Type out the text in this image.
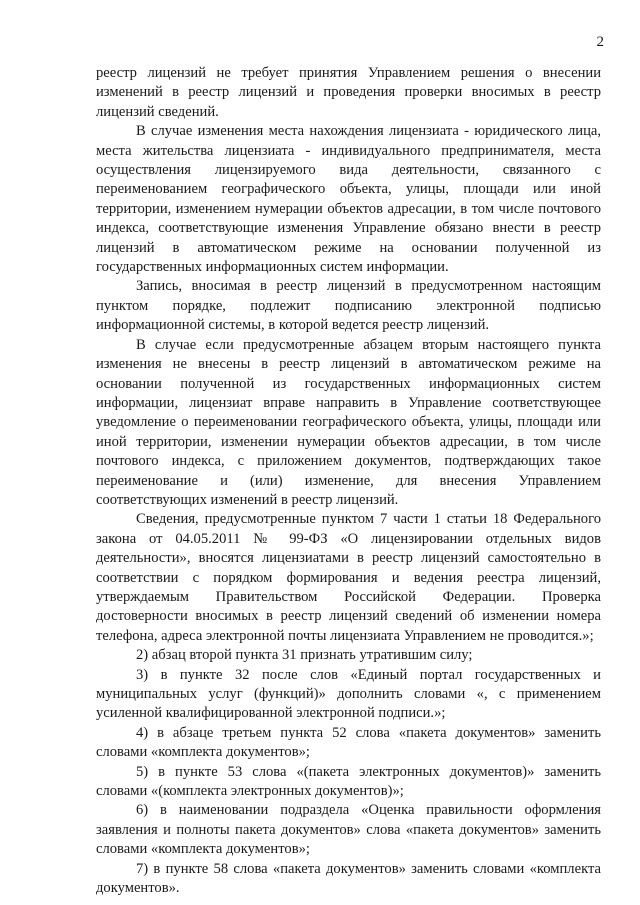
2

реестр лицензий не требует принятия Управлением решения о внесении изменений в реестр лицензий и проведения проверки вносимых в реестр лицензий сведений.

В случае изменения места нахождения лицензиата - юридического лица, места жительства лицензиата - индивидуального предпринимателя, места осуществления лицензируемого вида деятельности, связанного с переименованием географического объекта, улицы, площади или иной территории, изменением нумерации объектов адресации, в том числе почтового индекса, соответствующие изменения Управление обязано внести в реестр лицензий в автоматическом режиме на основании полученной из государственных информационных систем информации.

Запись, вносимая в реестр лицензий в предусмотренном настоящим пунктом порядке, подлежит подписанию электронной подписью информационной системы, в которой ведется реестр лицензий.

В случае если предусмотренные абзацем вторым настоящего пункта изменения не внесены в реестр лицензий в автоматическом режиме на основании полученной из государственных информационных систем информации, лицензиат вправе направить в Управление соответствующее уведомление о переименовании географического объекта, улицы, площади или иной территории, изменении нумерации объектов адресации, в том числе почтового индекса, с приложением документов, подтверждающих такое переименование и (или) изменение, для внесения Управлением соответствующих изменений в реестр лицензий.

Сведения, предусмотренные пунктом 7 части 1 статьи 18 Федерального закона от 04.05.2011 № 99-ФЗ «О лицензировании отдельных видов деятельности», вносятся лицензиатами в реестр лицензий самостоятельно в соответствии с порядком формирования и ведения реестра лицензий, утверждаемым Правительством Российской Федерации. Проверка достоверности вносимых в реестр лицензий сведений об изменении номера телефона, адреса электронной почты лицензиата Управлением не проводится.»;

2) абзац второй пункта 31 признать утратившим силу;

3) в пункте 32 после слов «Единый портал государственных и муниципальных услуг (функций)» дополнить словами «, с применением усиленной квалифицированной электронной подписи.»;

4) в абзаце третьем пункта 52 слова «пакета документов» заменить словами «комплекта документов»;

5) в пункте 53 слова «(пакета электронных документов)» заменить словами «(комплекта электронных документов)»;

6) в наименовании подраздела «Оценка правильности оформления заявления и полноты пакета документов» слова «пакета документов» заменить словами «комплекта документов»;

7) в пункте 58 слова «пакета документов» заменить словами «комплекта документов».
